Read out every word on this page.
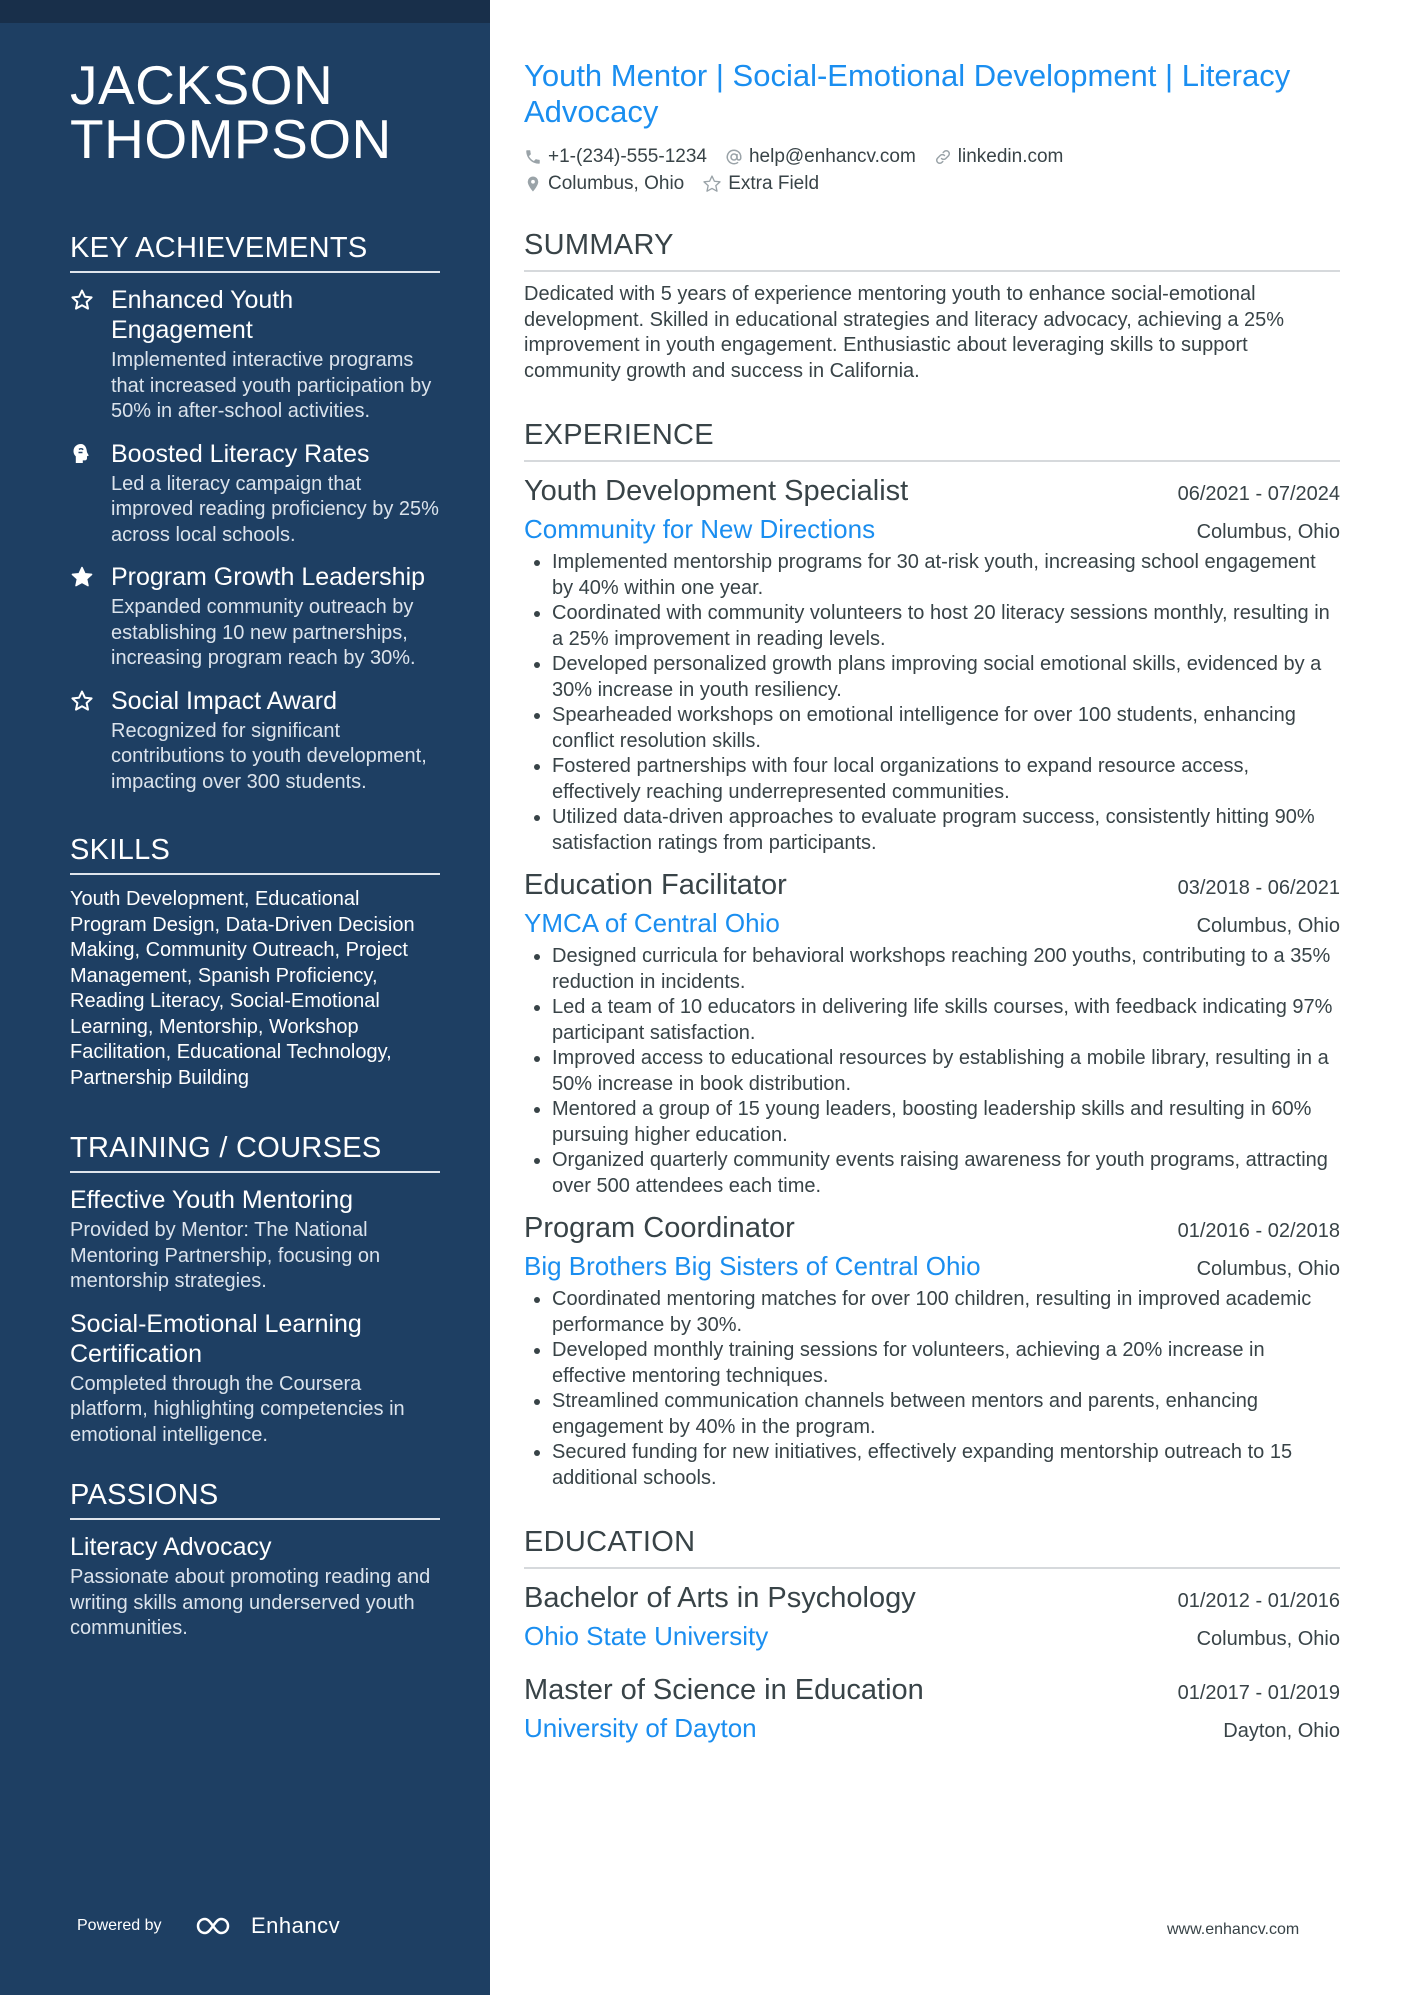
JACKSON
THOMPSON
KEY ACHIEVEMENTS
Enhanced Youth Engagement
Implemented interactive programs that increased youth participation by 50% in after-school activities.
Boosted Literacy Rates
Led a literacy campaign that improved reading proficiency by 25% across local schools.
Program Growth Leadership
Expanded community outreach by establishing 10 new partnerships, increasing program reach by 30%.
Social Impact Award
Recognized for significant contributions to youth development, impacting over 300 students.
SKILLS
Youth Development, Educational Program Design, Data-Driven Decision Making, Community Outreach, Project Management, Spanish Proficiency, Reading Literacy, Social-Emotional Learning, Mentorship, Workshop Facilitation, Educational Technology, Partnership Building
TRAINING / COURSES
Effective Youth Mentoring
Provided by Mentor: The National Mentoring Partnership, focusing on mentorship strategies.
Social-Emotional Learning Certification
Completed through the Coursera platform, highlighting competencies in emotional intelligence.
PASSIONS
Literacy Advocacy
Passionate about promoting reading and writing skills among underserved youth communities.
Powered by	Enhancv
Youth Mentor | Social-Emotional Development | Literacy Advocacy
+1-(234)-555-1234 help@enhancv.com linkedin.com
Columbus, Ohio Extra Field
SUMMARY
Dedicated with 5 years of experience mentoring youth to enhance social-emotional development. Skilled in educational strategies and literacy advocacy, achieving a 25% improvement in youth engagement. Enthusiastic about leveraging skills to support community growth and success in California.
EXPERIENCE
Youth Development Specialist	06/2021 - 07/2024
Community for New Directions	Columbus, Ohio
• Implemented mentorship programs for 30 at-risk youth, increasing school engagement by 40% within one year.
• Coordinated with community volunteers to host 20 literacy sessions monthly, resulting in a 25% improvement in reading levels.
• Developed personalized growth plans improving social emotional skills, evidenced by a 30% increase in youth resiliency.
• Spearheaded workshops on emotional intelligence for over 100 students, enhancing conflict resolution skills.
• Fostered partnerships with four local organizations to expand resource access, effectively reaching underrepresented communities.
• Utilized data-driven approaches to evaluate program success, consistently hitting 90% satisfaction ratings from participants.
Education Facilitator	03/2018 - 06/2021
YMCA of Central Ohio	Columbus, Ohio
• Designed curricula for behavioral workshops reaching 200 youths, contributing to a 35% reduction in incidents.
• Led a team of 10 educators in delivering life skills courses, with feedback indicating 97% participant satisfaction.
• Improved access to educational resources by establishing a mobile library, resulting in a 50% increase in book distribution.
• Mentored a group of 15 young leaders, boosting leadership skills and resulting in 60% pursuing higher education.
• Organized quarterly community events raising awareness for youth programs, attracting over 500 attendees each time.
Program Coordinator	01/2016 - 02/2018
Big Brothers Big Sisters of Central Ohio	Columbus, Ohio
• Coordinated mentoring matches for over 100 children, resulting in improved academic performance by 30%.
• Developed monthly training sessions for volunteers, achieving a 20% increase in effective mentoring techniques.
• Streamlined communication channels between mentors and parents, enhancing engagement by 40% in the program.
• Secured funding for new initiatives, effectively expanding mentorship outreach to 15 additional schools.
EDUCATION
Bachelor of Arts in Psychology	01/2012 - 01/2016
Ohio State University	Columbus, Ohio
Master of Science in Education	01/2017 - 01/2019
University of Dayton	Dayton, Ohio
www.enhancv.com
